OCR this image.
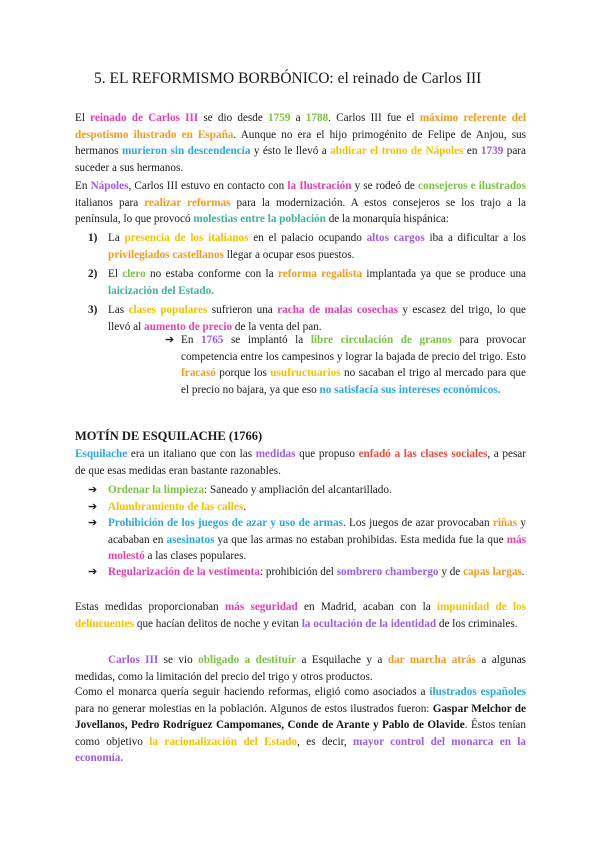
5. EL REFORMISMO BORBÓNICO: el reinado de Carlos III
El reinado de Carlos III se dio desde 1759 a 1788. Carlos III fue el máximo referente del despotismo ilustrado en España. Aunque no era el hijo primogénito de Felipe de Anjou, sus hermanos murieron sin descendencia y ésto le llevó a abdicar el trono de Nápoles en 1739 para suceder a sus hermanos.
En Nápoles, Carlos III estuvo en contacto con la Ilustración y se rodeó de consejeros e ilustrados italianos para realizar reformas para la modernización. A estos consejeros se los trajo a la península, lo que provocó molestias entre la población de la monarquía hispánica:
1) La presencia de los italianos en el palacio ocupando altos cargos iba a dificultar a los privilegiados castellanos llegar a ocupar esos puestos.
2) El clero no estaba conforme con la reforma regalista implantada ya que se produce una laicización del Estado.
3) Las clases populares sufrieron una racha de malas cosechas y escasez del trigo, lo que llevó al aumento de precio de la venta del pan.
➔ En 1765 se implantó la libre circulación de granos para provocar competencia entre los campesinos y lograr la bajada de precio del trigo. Esto fracasó porque los usufructuarios no sacaban el trigo al mercado para que el precio no bajara, ya que eso no satisfacía sus intereses económicos.
MOTÍN DE ESQUILACHE (1766)
Esquilache era un italiano que con las medidas que propuso enfadó a las clases sociales, a pesar de que esas medidas eran bastante razonables.
➔ Ordenar la limpieza: Saneado y ampliación del alcantarillado.
➔ Alumbramiento de las calles.
➔ Prohibición de los juegos de azar y uso de armas. Los juegos de azar provocaban riñas y acababan en asesinatos ya que las armas no estaban prohibidas. Esta medida fue la que más molestó a las clases populares.
➔ Regularización de la vestimenta: prohibición del sombrero chambergo y de capas largas.
Estas medidas proporcionaban más seguridad en Madrid, acaban con la impunidad de los delincuentes que hacían delitos de noche y evitan la ocultación de la identidad de los criminales.
Carlos III se vio obligado a destituír a Esquilache y a dar marcha atrás a algunas medidas, como la limitación del precio del trigo y otros productos.
Como el monarca quería seguir haciendo reformas, eligió como asociados a ilustrados españoles para no generar molestias en la población. Algunos de estos ilustrados fueron: Gaspar Melchor de Jovellanos, Pedro Rodríguez Campomanes, Conde de Arante y Pablo de Olavide. Éstos tenían como objetivo la racionalización del Estado, es decir, mayor control del monarca en la economía.
